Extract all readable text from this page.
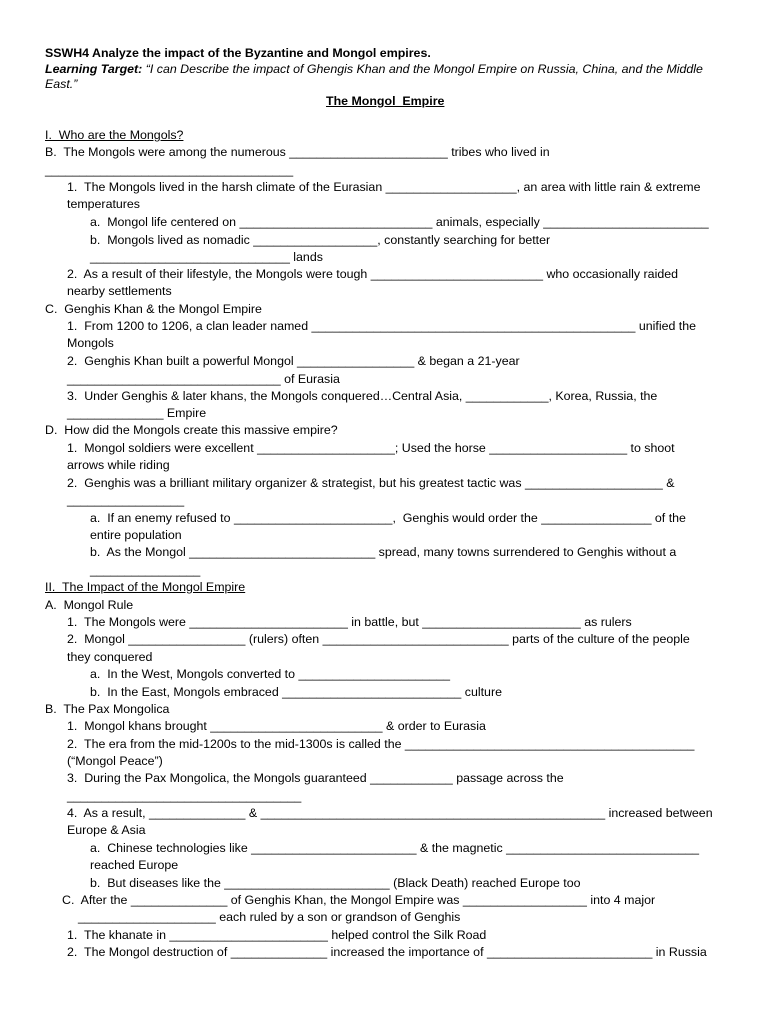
SSWH4 Analyze the impact of the Byzantine and Mongol empires.
Learning Target: “I can Describe the impact of Ghengis Khan and the Mongol Empire on Russia, China, and the Middle
East.”
The Mongol  Empire
I.  Who are the Mongols?
B.  The Mongols were among the numerous _______________________ tribes who lived in
____________________________________
1.  The Mongols lived in the harsh climate of the Eurasian ___________________, an area with little rain & extreme
temperatures
a.  Mongol life centered on ____________________________ animals, especially ________________________
b.  Mongols lived as nomadic __________________, constantly searching for better
_____________________________ lands
2.  As a result of their lifestyle, the Mongols were tough _________________________ who occasionally raided
nearby settlements
C.  Genghis Khan & the Mongol Empire
1.  From 1200 to 1206, a clan leader named _______________________________________________ unified the
Mongols
2.  Genghis Khan built a powerful Mongol _________________ & began a 21-year
_______________________________ of Eurasia
3.  Under Genghis & later khans, the Mongols conquered…Central Asia, ____________, Korea, Russia, the
______________ Empire
D.  How did the Mongols create this massive empire?
1.  Mongol soldiers were excellent ____________________; Used the horse ____________________ to shoot
arrows while riding
2.  Genghis was a brilliant military organizer & strategist, but his greatest tactic was ____________________ &
_________________
a.  If an enemy refused to _______________________,  Genghis would order the ________________ of the
entire population
b.  As the Mongol ___________________________ spread, many towns surrendered to Genghis without a
________________
II.  The Impact of the Mongol Empire
A.  Mongol Rule
1.  The Mongols were _______________________ in battle, but _______________________ as rulers
2.  Mongol _________________ (rulers) often ___________________________ parts of the culture of the people
they conquered
a.  In the West, Mongols converted to ______________________
b.  In the East, Mongols embraced __________________________ culture
B.  The Pax Mongolica
1.  Mongol khans brought _________________________ & order to Eurasia
2.  The era from the mid-1200s to the mid-1300s is called the __________________________________________
(“Mongol Peace”)
3.  During the Pax Mongolica, the Mongols guaranteed ____________ passage across the
__________________________________
4.  As a result, ______________ & __________________________________________________ increased between
Europe & Asia
a.  Chinese technologies like ________________________ & the magnetic ____________________________
reached Europe
b.  But diseases like the ________________________ (Black Death) reached Europe too
C.  After the ______________ of Genghis Khan, the Mongol Empire was __________________ into 4 major
____________________ each ruled by a son or grandson of Genghis
1.  The khanate in _______________________ helped control the Silk Road
2.  The Mongol destruction of ______________ increased the importance of ________________________ in Russia
